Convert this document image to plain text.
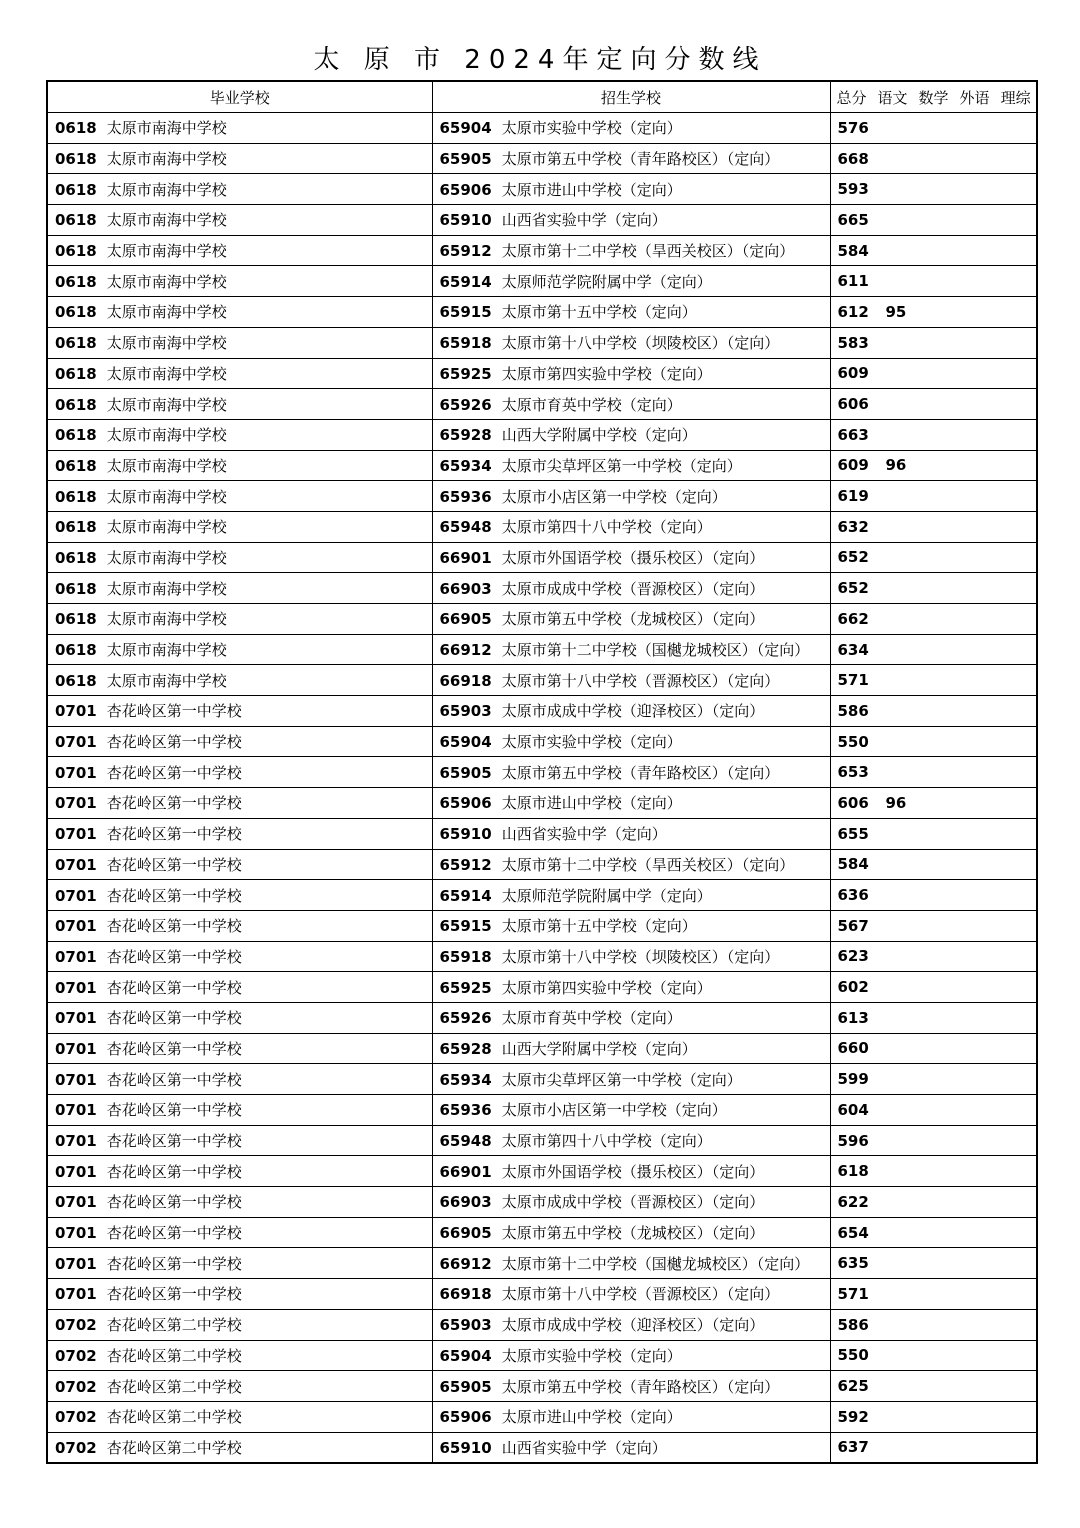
太 原 市 2024年定向分数线
毕业学校	招生学校	总分 语文 数学 外语 理综
0618 太原市南海中学校	65904 太原市实验中学校（定向）	576
0618 太原市南海中学校	65905 太原市第五中学校（青年路校区）（定向）	668
0618 太原市南海中学校	65906 太原市进山中学校（定向）	593
0618 太原市南海中学校	65910 山西省实验中学（定向）	665
0618 太原市南海中学校	65912 太原市第十二中学校（旱西关校区）（定向）	584
0618 太原市南海中学校	65914 太原师范学院附属中学（定向）	611
0618 太原市南海中学校	65915 太原市第十五中学校（定向）	612 95
0618 太原市南海中学校	65918 太原市第十八中学校（坝陵校区）（定向）	583
0618 太原市南海中学校	65925 太原市第四实验中学校（定向）	609
0618 太原市南海中学校	65926 太原市育英中学校（定向）	606
0618 太原市南海中学校	65928 山西大学附属中学校（定向）	663
0618 太原市南海中学校	65934 太原市尖草坪区第一中学校（定向）	609 96
0618 太原市南海中学校	65936 太原市小店区第一中学校（定向）	619
0618 太原市南海中学校	65948 太原市第四十八中学校（定向）	632
0618 太原市南海中学校	66901 太原市外国语学校（摄乐校区）（定向）	652
0618 太原市南海中学校	66903 太原市成成中学校（晋源校区）（定向）	652
0618 太原市南海中学校	66905 太原市第五中学校（龙城校区）（定向）	662
0618 太原市南海中学校	66912 太原市第十二中学校（国樾龙城校区）（定向）	634
0618 太原市南海中学校	66918 太原市第十八中学校（晋源校区）（定向）	571
0701 杏花岭区第一中学校	65903 太原市成成中学校（迎泽校区）（定向）	586
0701 杏花岭区第一中学校	65904 太原市实验中学校（定向）	550
0701 杏花岭区第一中学校	65905 太原市第五中学校（青年路校区）（定向）	653
0701 杏花岭区第一中学校	65906 太原市进山中学校（定向）	606 96
0701 杏花岭区第一中学校	65910 山西省实验中学（定向）	655
0701 杏花岭区第一中学校	65912 太原市第十二中学校（旱西关校区）（定向）	584
0701 杏花岭区第一中学校	65914 太原师范学院附属中学（定向）	636
0701 杏花岭区第一中学校	65915 太原市第十五中学校（定向）	567
0701 杏花岭区第一中学校	65918 太原市第十八中学校（坝陵校区）（定向）	623
0701 杏花岭区第一中学校	65925 太原市第四实验中学校（定向）	602
0701 杏花岭区第一中学校	65926 太原市育英中学校（定向）	613
0701 杏花岭区第一中学校	65928 山西大学附属中学校（定向）	660
0701 杏花岭区第一中学校	65934 太原市尖草坪区第一中学校（定向）	599
0701 杏花岭区第一中学校	65936 太原市小店区第一中学校（定向）	604
0701 杏花岭区第一中学校	65948 太原市第四十八中学校（定向）	596
0701 杏花岭区第一中学校	66901 太原市外国语学校（摄乐校区）（定向）	618
0701 杏花岭区第一中学校	66903 太原市成成中学校（晋源校区）（定向）	622
0701 杏花岭区第一中学校	66905 太原市第五中学校（龙城校区）（定向）	654
0701 杏花岭区第一中学校	66912 太原市第十二中学校（国樾龙城校区）（定向）	635
0701 杏花岭区第一中学校	66918 太原市第十八中学校（晋源校区）（定向）	571
0702 杏花岭区第二中学校	65903 太原市成成中学校（迎泽校区）（定向）	586
0702 杏花岭区第二中学校	65904 太原市实验中学校（定向）	550
0702 杏花岭区第二中学校	65905 太原市第五中学校（青年路校区）（定向）	625
0702 杏花岭区第二中学校	65906 太原市进山中学校（定向）	592
0702 杏花岭区第二中学校	65910 山西省实验中学（定向）	637
